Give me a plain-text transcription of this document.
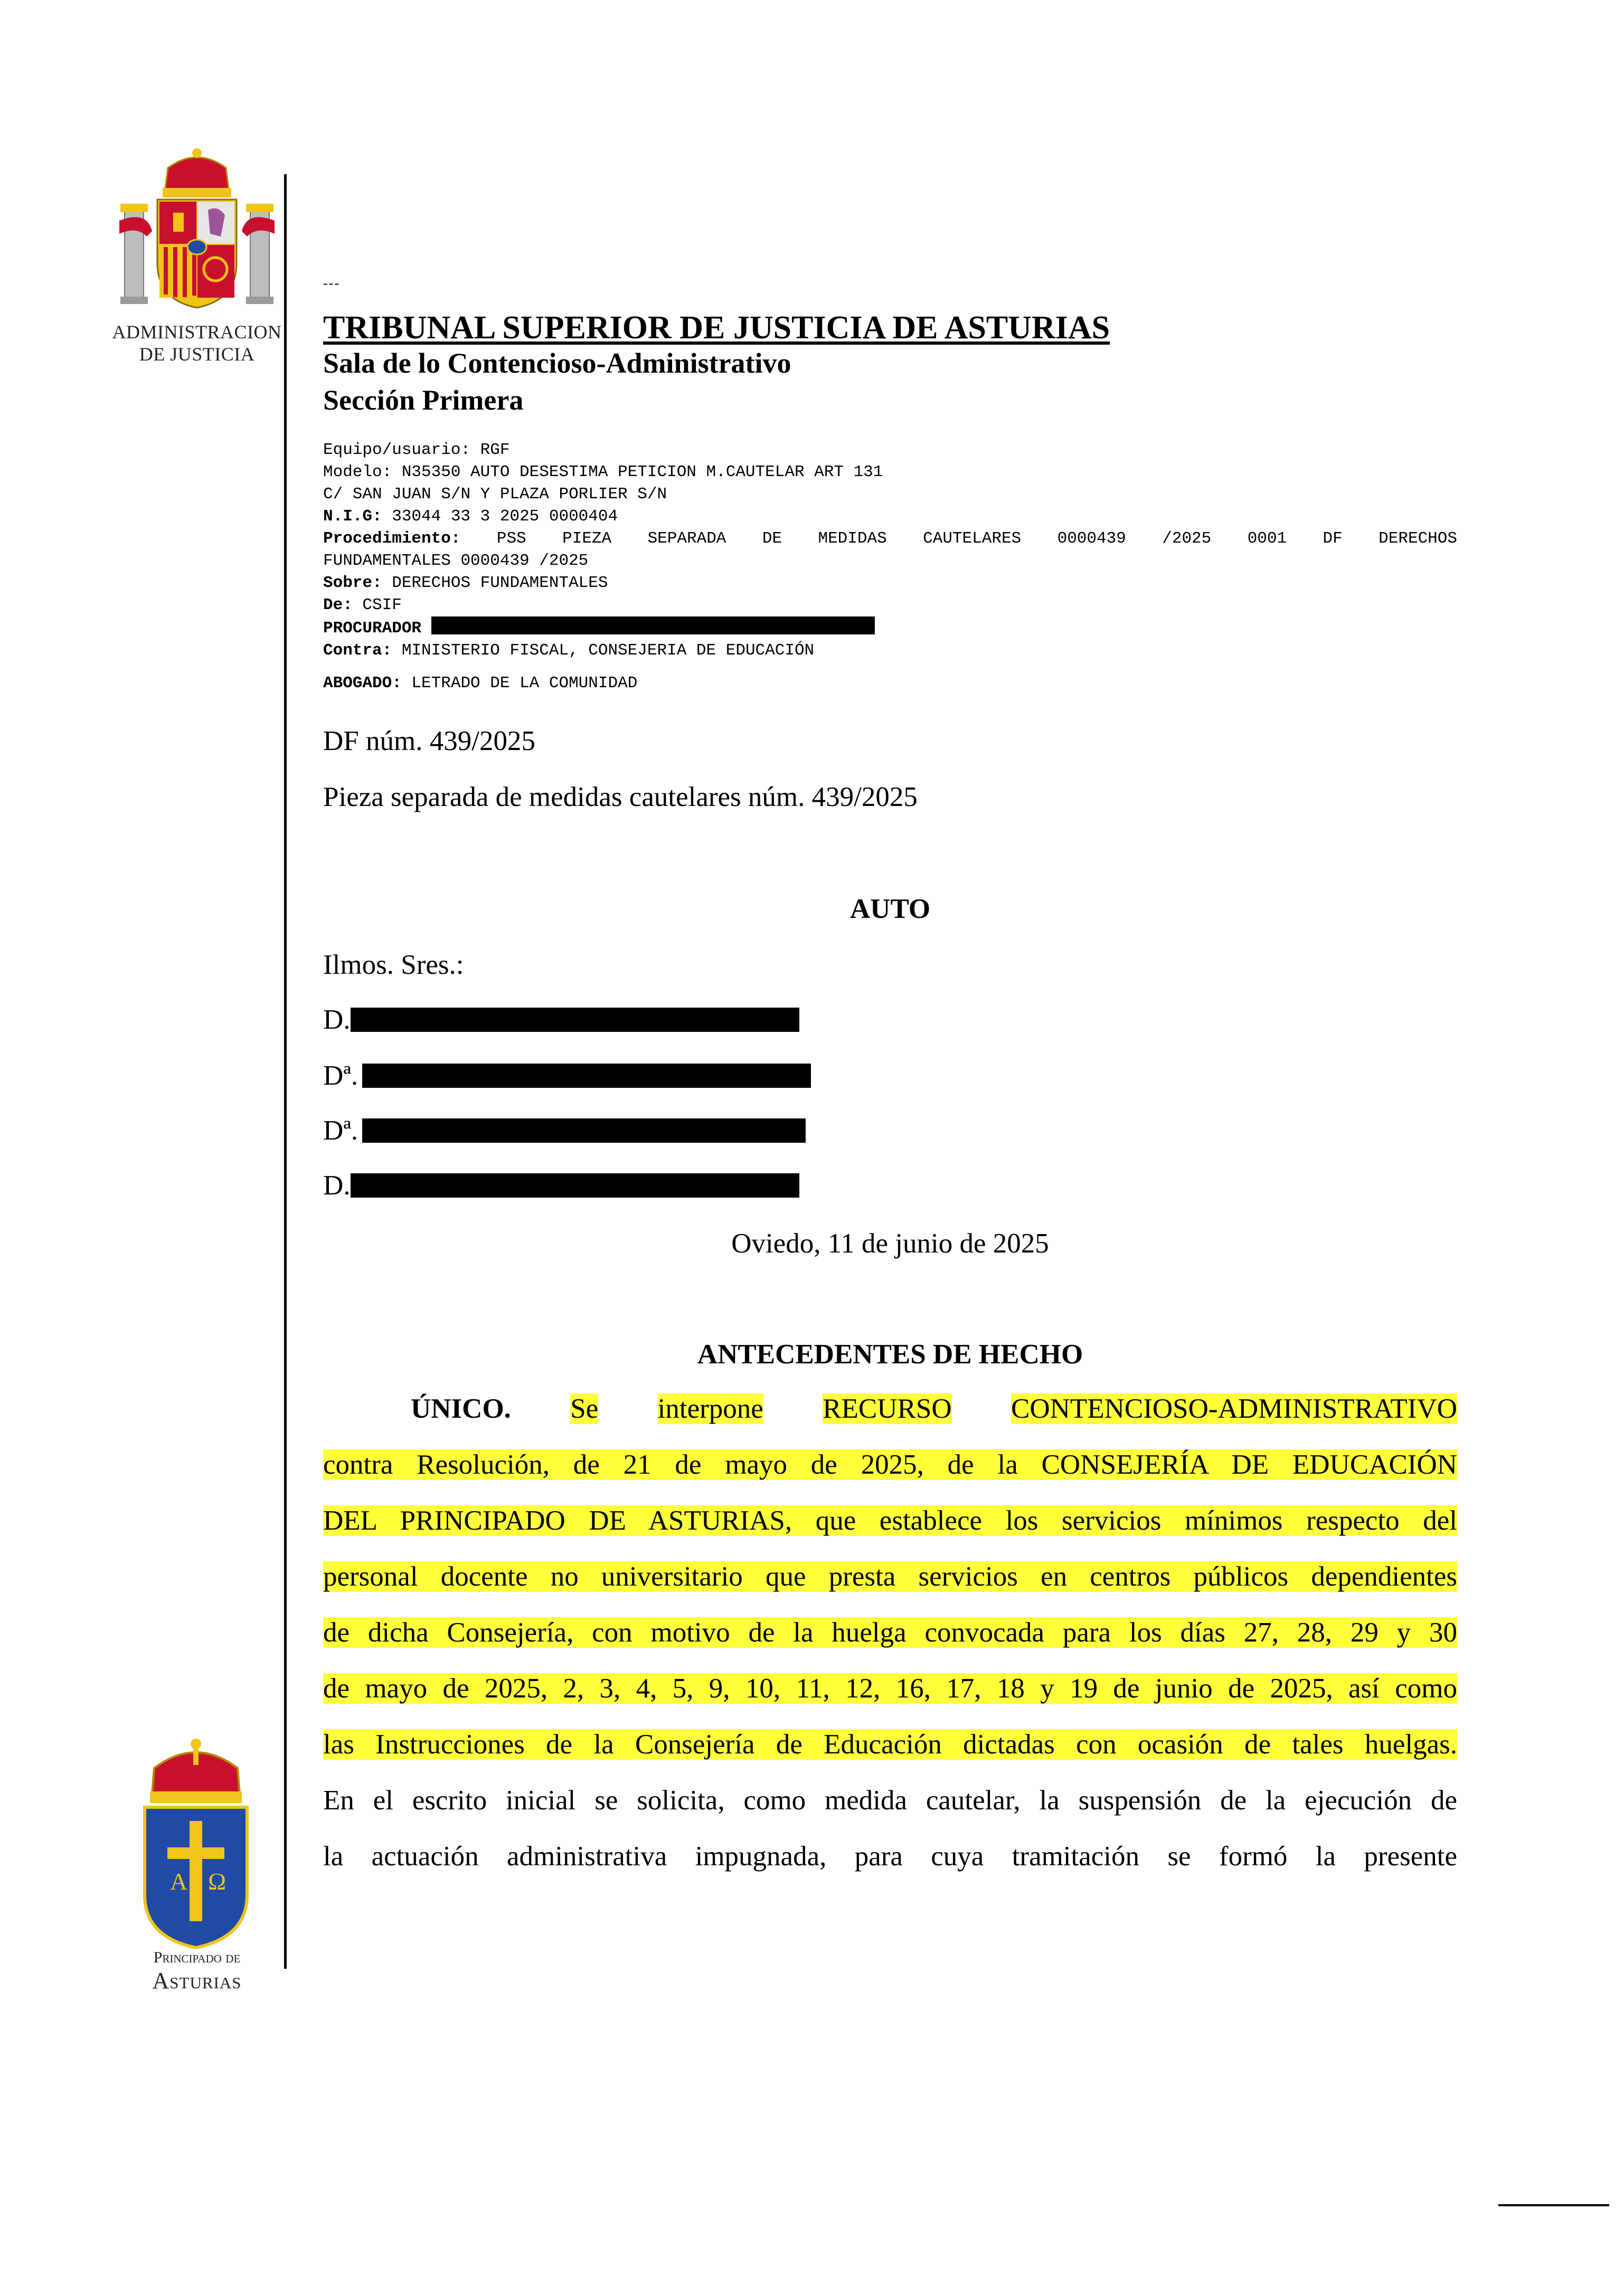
ADMINISTRACION
DE JUSTICIA
A Ω
Principado de
Asturias
---
TRIBUNAL SUPERIOR DE JUSTICIA DE ASTURIAS
Sala de lo Contencioso-Administrativo
Sección Primera
Equipo/usuario: RGF
Modelo: N35350 AUTO DESESTIMA PETICION M.CAUTELAR ART 131
C/ SAN JUAN S/N Y PLAZA PORLIER S/N
N.I.G: 33044 33 3 2025 0000404
Procedimiento: PSS PIEZA SEPARADA DE MEDIDAS CAUTELARES 0000439 /2025 0001 DF DERECHOS
FUNDAMENTALES 0000439 /2025
Sobre: DERECHOS FUNDAMENTALES
De: CSIF
PROCURADOR
Contra: MINISTERIO FISCAL, CONSEJERIA DE EDUCACIÓN
ABOGADO: LETRADO DE LA COMUNIDAD
DF núm. 439/2025
Pieza separada de medidas cautelares núm. 439/2025
AUTO
Ilmos. Sres.:
D.
Dª.
Dª.
D.
Oviedo, 11 de junio de 2025
ANTECEDENTES DE HECHO
ÚNICO. Se interpone RECURSO CONTENCIOSO-ADMINISTRATIVO
contra Resolución, de 21 de mayo de 2025, de la CONSEJERÍA DE EDUCACIÓN
DEL PRINCIPADO DE ASTURIAS, que establece los servicios mínimos respecto del
personal docente no universitario que presta servicios en centros públicos dependientes
de dicha Consejería, con motivo de la huelga convocada para los días 27, 28, 29 y 30
de mayo de 2025, 2, 3, 4, 5, 9, 10, 11, 12, 16, 17, 18 y 19 de junio de 2025, así como
las Instrucciones de la Consejería de Educación dictadas con ocasión de tales huelgas.
En el escrito inicial se solicita, como medida cautelar, la suspensión de la ejecución de
la actuación administrativa impugnada, para cuya tramitación se formó la presente
